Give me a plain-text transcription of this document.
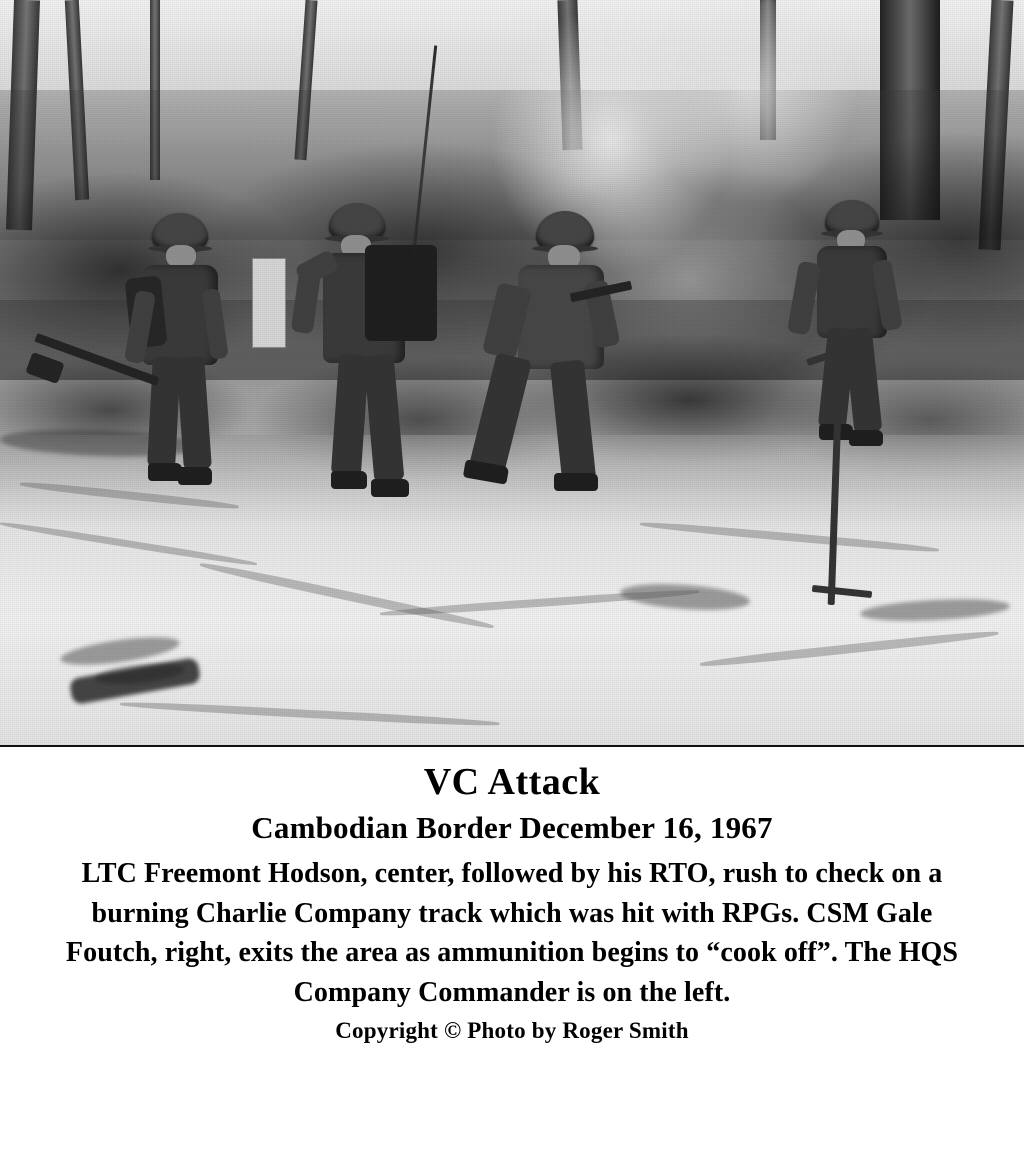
VC Attack
Cambodian Border December 16, 1967
LTC Freemont Hodson, center, followed by his RTO, rush to check on a burning Charlie Company track which was hit with RPGs. CSM Gale Foutch, right, exits the area as ammunition begins to “cook off”. The HQS Company Commander is on the left.
Copyright © Photo by Roger Smith
